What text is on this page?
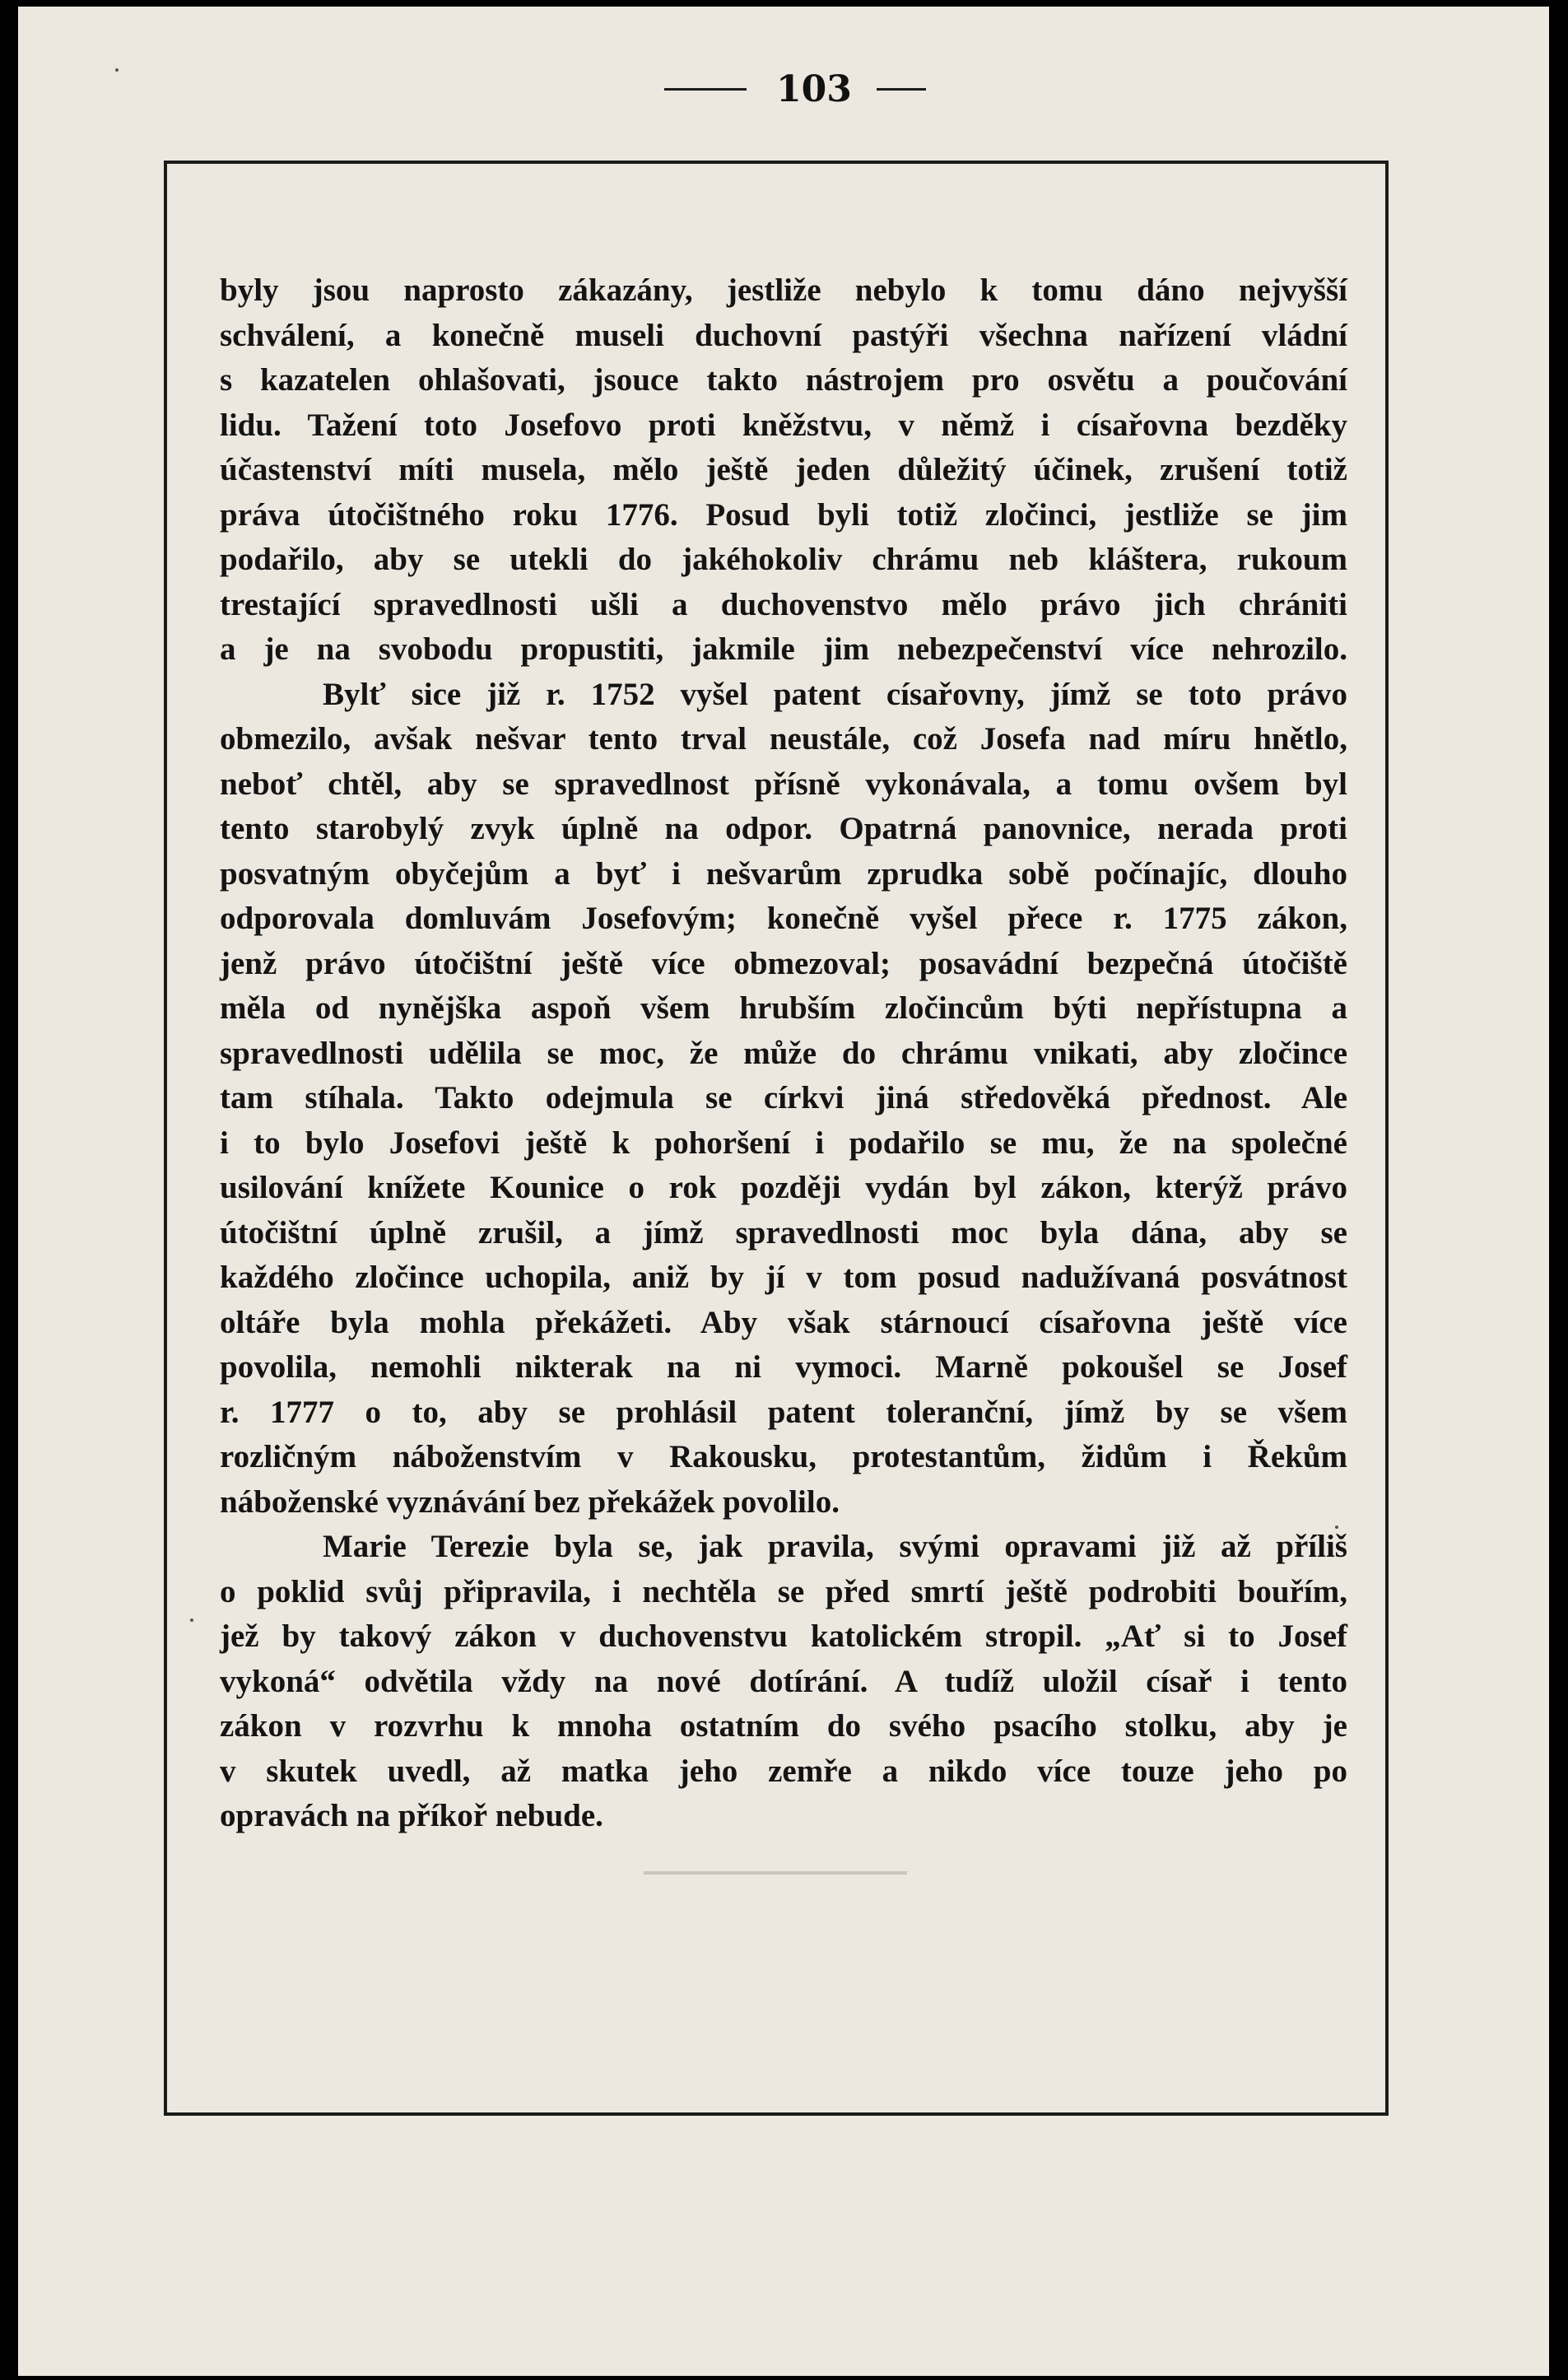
103
byly jsou naprosto zákazány, jestliže nebylo k tomu dáno nejvyšší
schválení, a konečně museli duchovní pastýři všechna nařízení vládní
s kazatelen ohlašovati, jsouce takto nástrojem pro osvětu a poučování
lidu. Tažení toto Josefovo proti kněžstvu, v němž i císařovna bezděky
účastenství míti musela, mělo ještě jeden důležitý účinek, zrušení totiž
práva útočištného roku 1776. Posud byli totiž zločinci, jestliže se jim
podařilo, aby se utekli do jakéhokoliv chrámu neb kláštera, rukoum
trestající spravedlnosti ušli a duchovenstvo mělo právo jich chrániti
a je na svobodu propustiti, jakmile jim nebezpečenství více nehrozilo.
Bylť sice již r. 1752 vyšel patent císařovny, jímž se toto právo
obmezilo, avšak nešvar tento trval neustále, což Josefa nad míru hnětlo,
neboť chtěl, aby se spravedlnost přísně vykonávala, a tomu ovšem byl
tento starobylý zvyk úplně na odpor. Opatrná panovnice, nerada proti
posvatným obyčejům a byť i nešvarům zprudka sobě počínajíc, dlouho
odporovala domluvám Josefovým; konečně vyšel přece r. 1775 zákon,
jenž právo útočištní ještě více obmezoval; posavádní bezpečná útočiště
měla od nynějška aspoň všem hrubším zločincům býti nepřístupna a
spravedlnosti udělila se moc, že může do chrámu vnikati, aby zločince
tam stíhala. Takto odejmula se církvi jiná středověká přednost. Ale
i to bylo Josefovi ještě k pohoršení i podařilo se mu, že na společné
usilování knížete Kounice o rok později vydán byl zákon, kterýž právo
útočištní úplně zrušil, a jímž spravedlnosti moc byla dána, aby se
každého zločince uchopila, aniž by jí v tom posud nadužívaná posvátnost
oltáře byla mohla překážeti. Aby však stárnoucí císařovna ještě více
povolila, nemohli nikterak na ni vymoci. Marně pokoušel se Josef
r. 1777 o to, aby se prohlásil patent toleranční, jímž by se všem
rozličným náboženstvím v Rakousku, protestantům, židům i Řekům
náboženské vyznávání bez překážek povolilo.
Marie Terezie byla se, jak pravila, svými opravami již až příliš
o poklid svůj připravila, i nechtěla se před smrtí ještě podrobiti bouřím,
jež by takový zákon v duchovenstvu katolickém stropil. „Ať si to Josef
vykoná“ odvětila vždy na nové dotírání. A tudíž uložil císař i tento
zákon v rozvrhu k mnoha ostatním do svého psacího stolku, aby je
v skutek uvedl, až matka jeho zemře a nikdo více touze jeho po
opravách na příkoř nebude.
